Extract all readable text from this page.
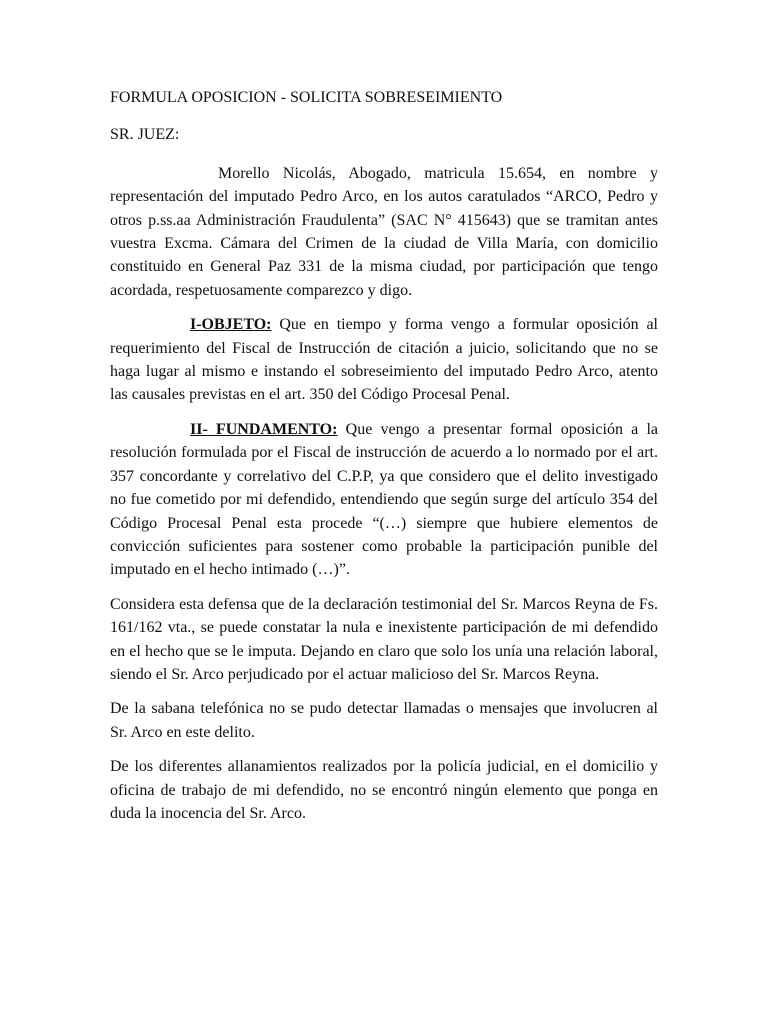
FORMULA OPOSICION - SOLICITA SOBRESEIMIENTO

SR. JUEZ:

Morello Nicolás, Abogado, matricula 15.654, en nombre y representación del imputado Pedro Arco, en los autos caratulados “ARCO, Pedro y otros p.ss.aa Administración Fraudulenta” (SAC N° 415643) que se tramitan antes vuestra Excma. Cámara del Crimen de la ciudad de Villa María, con domicilio constituido en General Paz 331 de la misma ciudad, por participación que tengo acordada, respetuosamente comparezco y digo.

I-OBJETO: Que en tiempo y forma vengo a formular oposición al requerimiento del Fiscal de Instrucción de citación a juicio, solicitando que no se haga lugar al mismo e instando el sobreseimiento del imputado Pedro Arco, atento las causales previstas en el art. 350 del Código Procesal Penal.

II- FUNDAMENTO: Que vengo a presentar formal oposición a la resolución formulada por el Fiscal de instrucción de acuerdo a lo normado por el art. 357 concordante y correlativo del C.P.P, ya que considero que el delito investigado no fue cometido por mi defendido, entendiendo que según surge del artículo 354 del Código Procesal Penal esta procede “(…) siempre que hubiere elementos de convicción suficientes para sostener como probable la participación punible del imputado en el hecho intimado (…)”.

Considera esta defensa que de la declaración testimonial del Sr. Marcos Reyna de Fs. 161/162 vta., se puede constatar la nula e inexistente participación de mi defendido en el hecho que se le imputa. Dejando en claro que solo los unía una relación laboral, siendo el Sr. Arco perjudicado por el actuar malicioso del Sr. Marcos Reyna.

De la sabana telefónica no se pudo detectar llamadas o mensajes que involucren al Sr. Arco en este delito.

De los diferentes allanamientos realizados por la policía judicial, en el domicilio y oficina de trabajo de mi defendido, no se encontró ningún elemento que ponga en duda la inocencia del Sr. Arco.
